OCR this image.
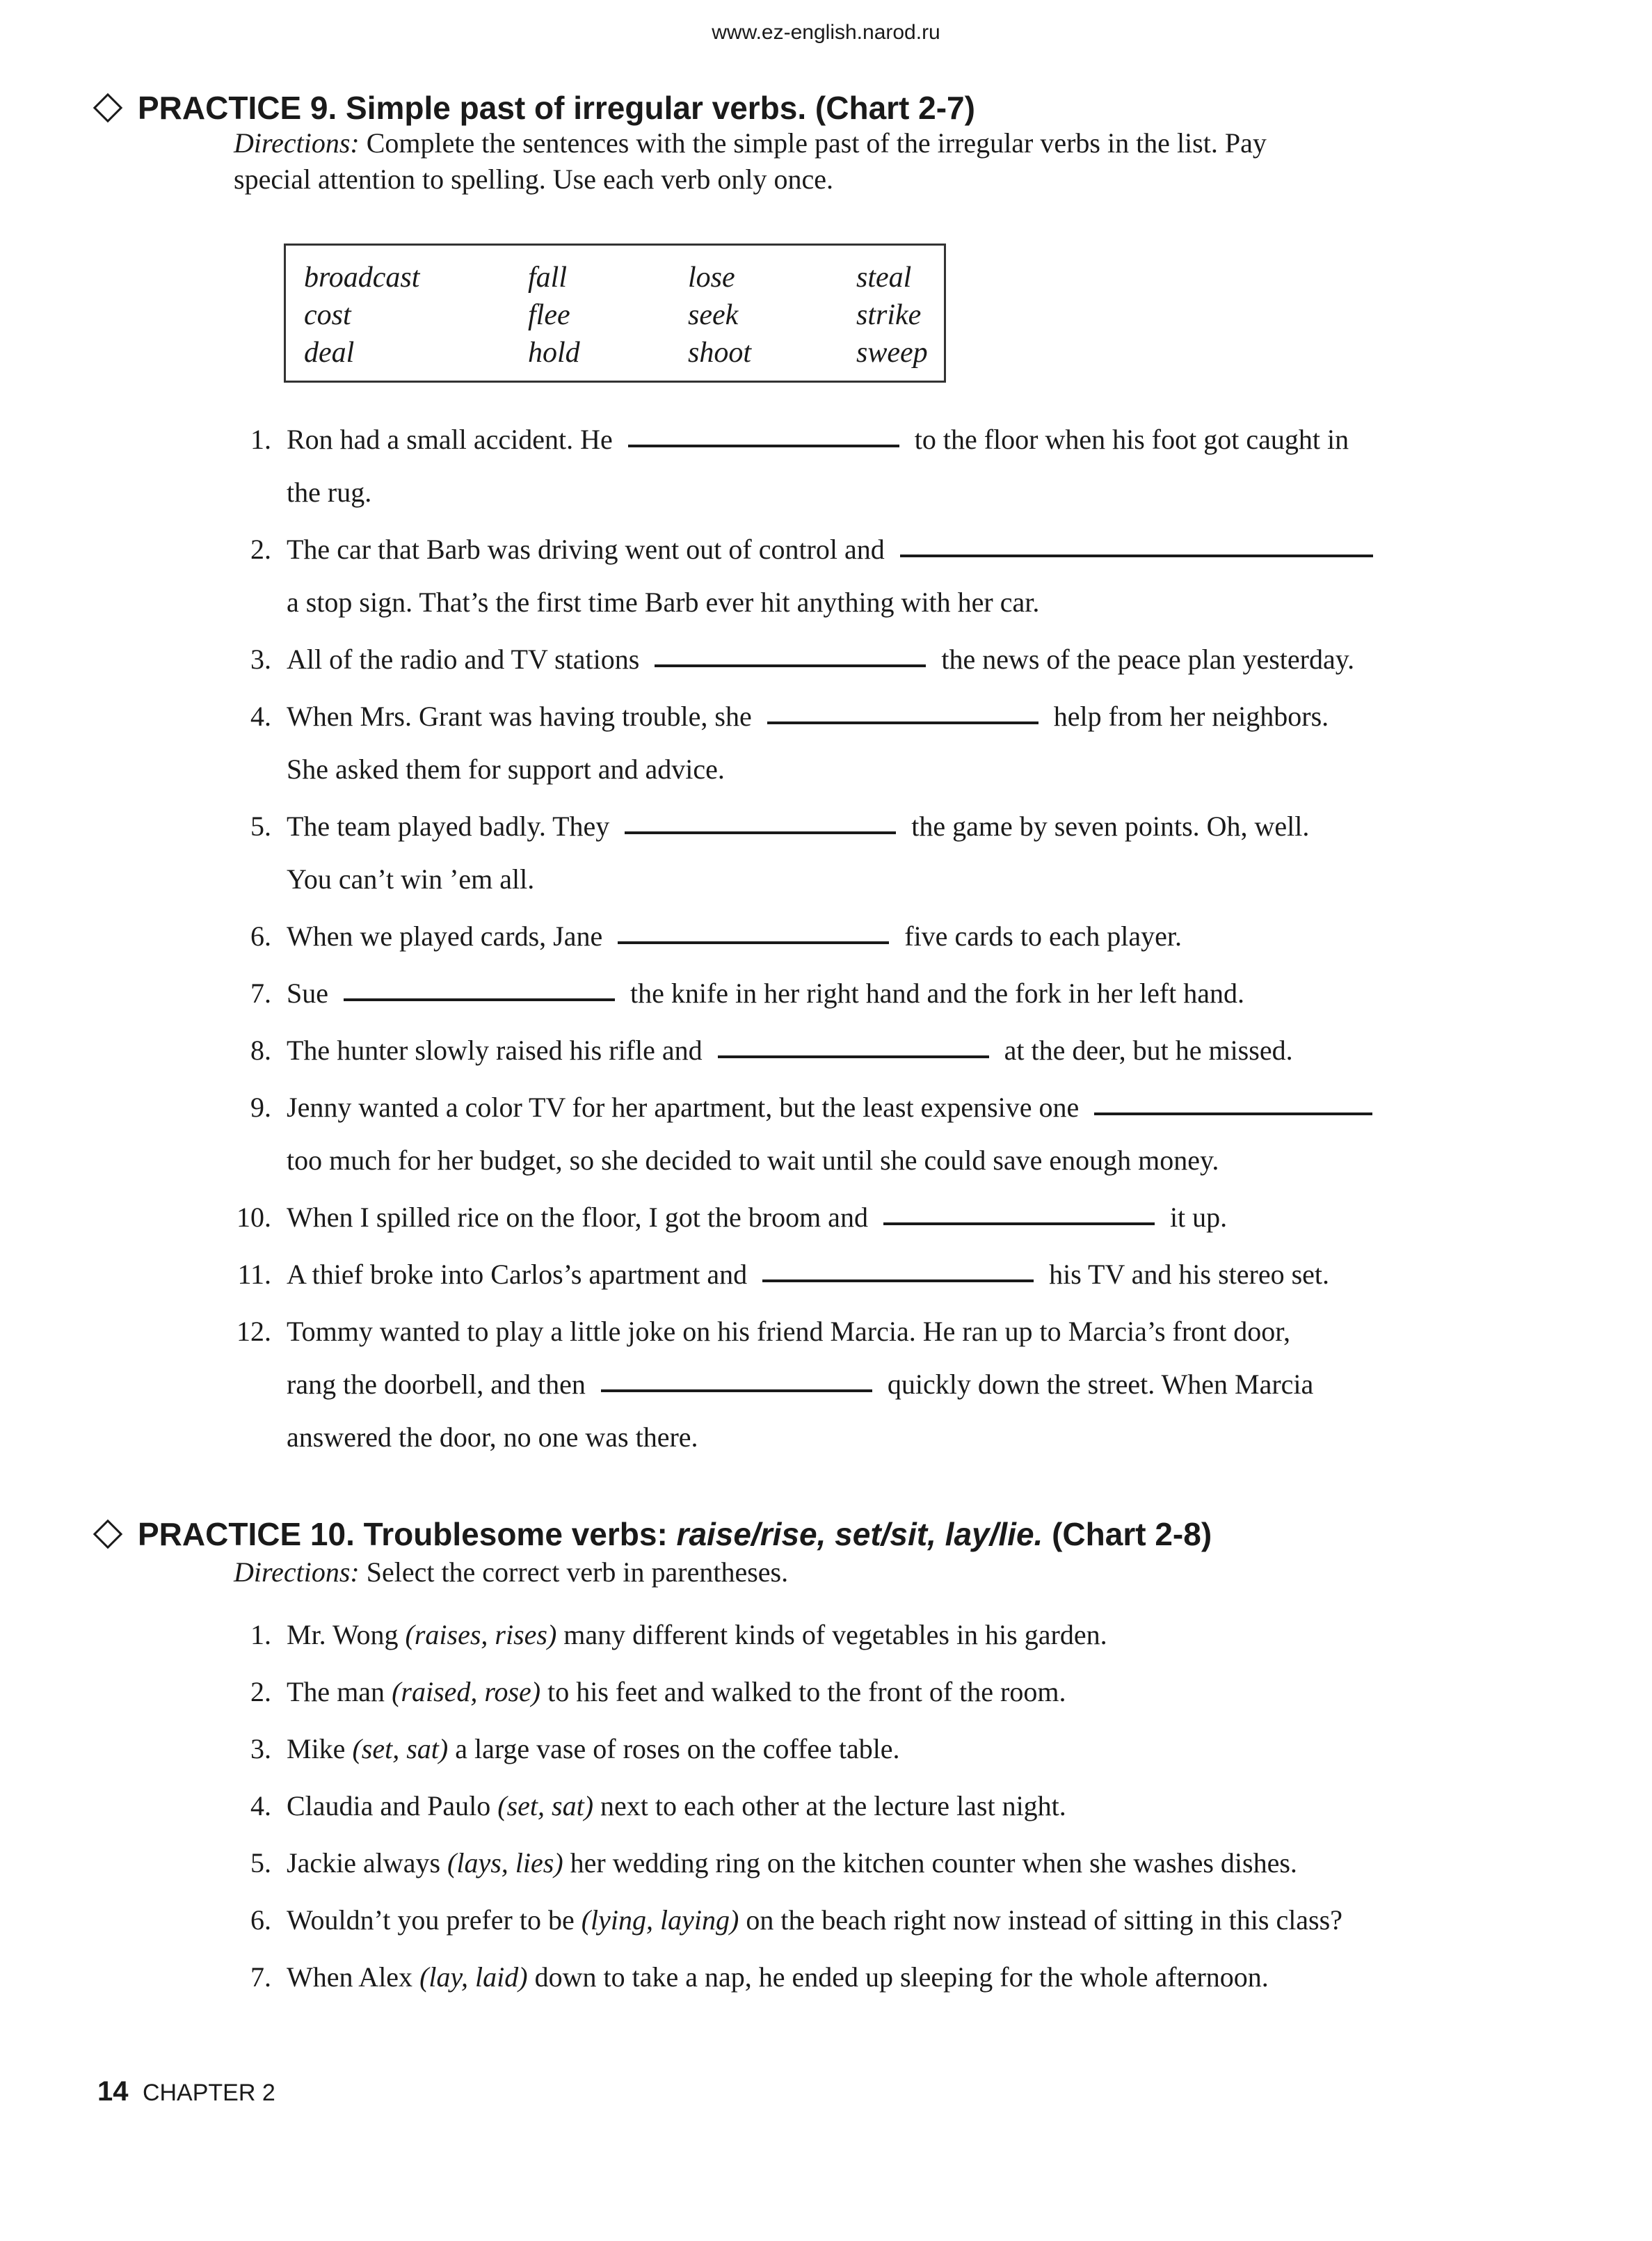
www.ez-english.narod.ru
PRACTICE 9. Simple past of irregular verbs. (Chart 2-7)
Directions: Complete the sentences with the simple past of the irregular verbs in the list. Pay
special attention to spelling. Use each verb only once.
broadcast	fall	lose	steal
cost	flee	seek	strike
deal	hold	shoot	sweep
1. Ron had a small accident. He	to the floor when his foot got caught in
the rug.
2. The car that Barb was driving went out of control and
a stop sign. That’s the first time Barb ever hit anything with her car.
3. All of the radio and TV stations	the news of the peace plan yesterday.
4. When Mrs. Grant was having trouble, she	help from her neighbors.
She asked them for support and advice.
5. The team played badly. They	the game by seven points. Oh, well.
You can’t win ’em all.
6. When we played cards, Jane	five cards to each player.
7. Sue	the knife in her right hand and the fork in her left hand.
8. The hunter slowly raised his rifle and	at the deer, but he missed.
9. Jenny wanted a color TV for her apartment, but the least expensive one
too much for her budget, so she decided to wait until she could save enough money.
10. When I spilled rice on the floor, I got the broom and	it up.
11. A thief broke into Carlos’s apartment and	his TV and his stereo set.
12. Tommy wanted to play a little joke on his friend Marcia. He ran up to Marcia’s front door,
rang the doorbell, and then	quickly down the street. When Marcia
answered the door, no one was there.
PRACTICE 10. Troublesome verbs: raise/rise, set/sit, lay/lie. (Chart 2-8)
Directions: Select the correct verb in parentheses.
1. Mr. Wong (raises, rises) many different kinds of vegetables in his garden.
2. The man (raised, rose) to his feet and walked to the front of the room.
3. Mike (set, sat) a large vase of roses on the coffee table.
4. Claudia and Paulo (set, sat) next to each other at the lecture last night.
5. Jackie always (lays, lies) her wedding ring on the kitchen counter when she washes dishes.
6. Wouldn’t you prefer to be (lying, laying) on the beach right now instead of sitting in this class?
7. When Alex (lay, laid) down to take a nap, he ended up sleeping for the whole afternoon.
14 CHAPTER 2
